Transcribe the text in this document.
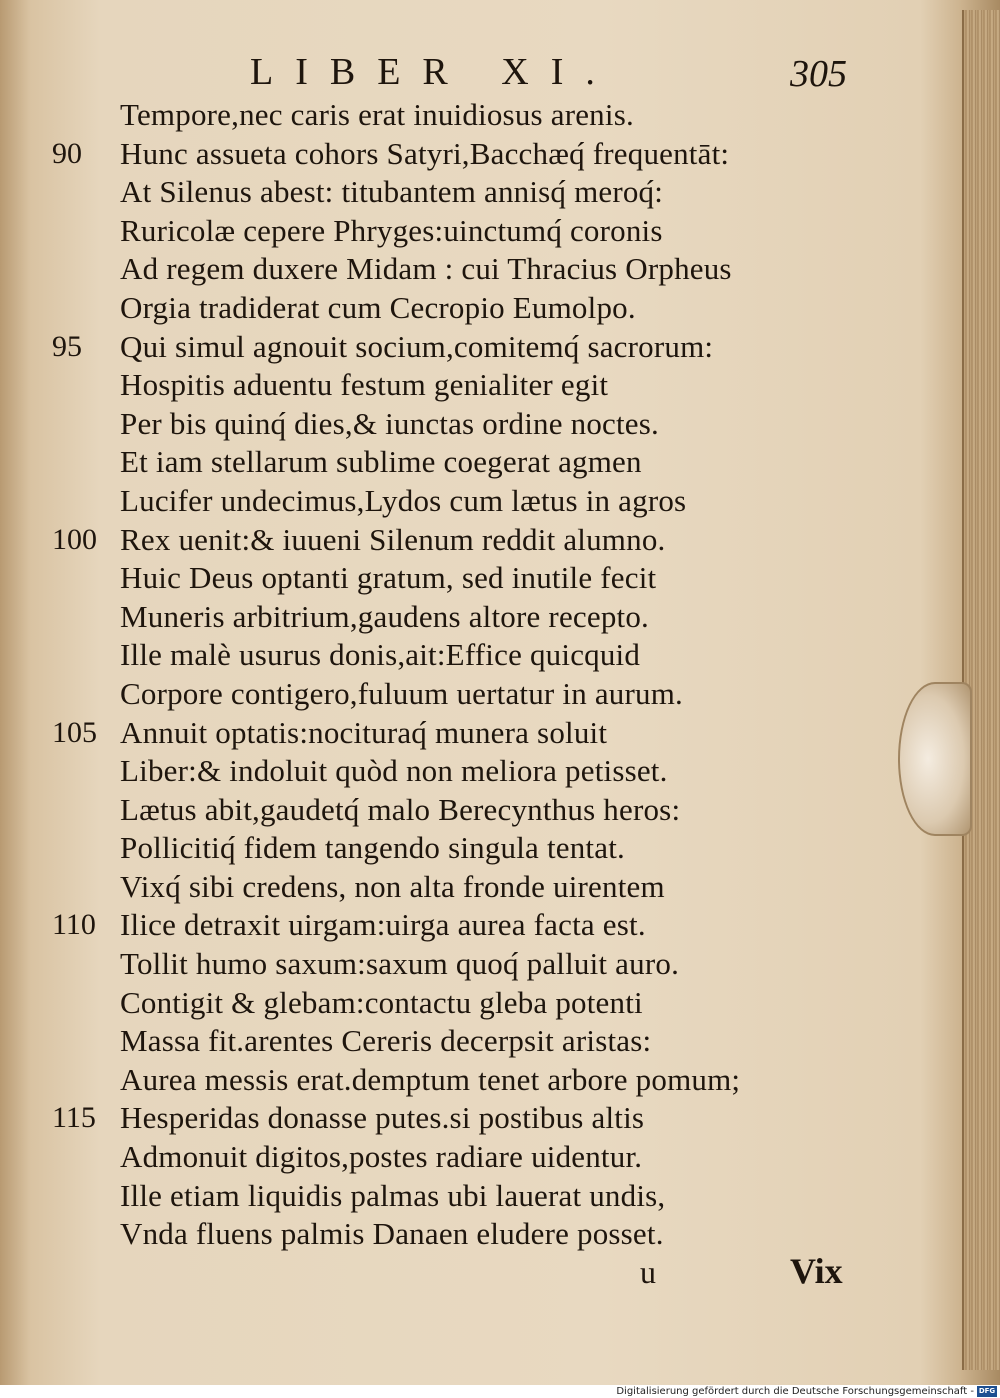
LIBER XI.	305
Tempore,nec caris erat inuidiosus arenis.
90	Hunc assueta cohors Satyri,Bacchæq́ frequentāt:
At Silenus abest: titubantem annisq́ meroq́:
Ruricolæ cepere Phryges:uinctumq́ coronis
Ad regem duxere Midam : cui Thracius Orpheus
Orgia tradiderat cum Cecropio Eumolpo.
95	Qui simul agnouit socium,comitemq́ sacrorum:
Hospitis aduentu festum genialiter egit
Per bis quinq́ dies,& iunctas ordine noctes.
Et iam stellarum sublime coegerat agmen
Lucifer undecimus,Lydos cum lætus in agros
100 Rex uenit:& iuueni Silenum reddit alumno.
Huic Deus optanti gratum, sed inutile fecit
Muneris arbitrium,gaudens altore recepto.
Ille malè usurus donis,ait:Effice quicquid
Corpore contigero,fuluum uertatur in aurum.
105 Annuit optatis:nocituraq́ munera soluit
Liber:& indoluit quòd non meliora petisset.
Lætus abit,gaudetq́ malo Berecynthus heros:
Pollicitiq́ fidem tangendo singula tentat.
Vixq́ sibi credens, non alta fronde uirentem
110 Ilice detraxit uirgam:uirga aurea facta est.
Tollit humo saxum:saxum quoq́ palluit auro.
Contigit & glebam:contactu gleba potenti
Massa fit.arentes Cereris decerpsit aristas:
Aurea messis erat.demptum tenet arbore pomum;
115 Hesperidas donasse putes.si postibus altis
Admonuit digitos,postes radiare uidentur.
Ille etiam liquidis palmas ubi lauerat undis,
Vnda fluens palmis Danaen eludere posset.
u	Vix
Digitalisierung gefördert durch die Deutsche Forschungsgemeinschaft - DFG
